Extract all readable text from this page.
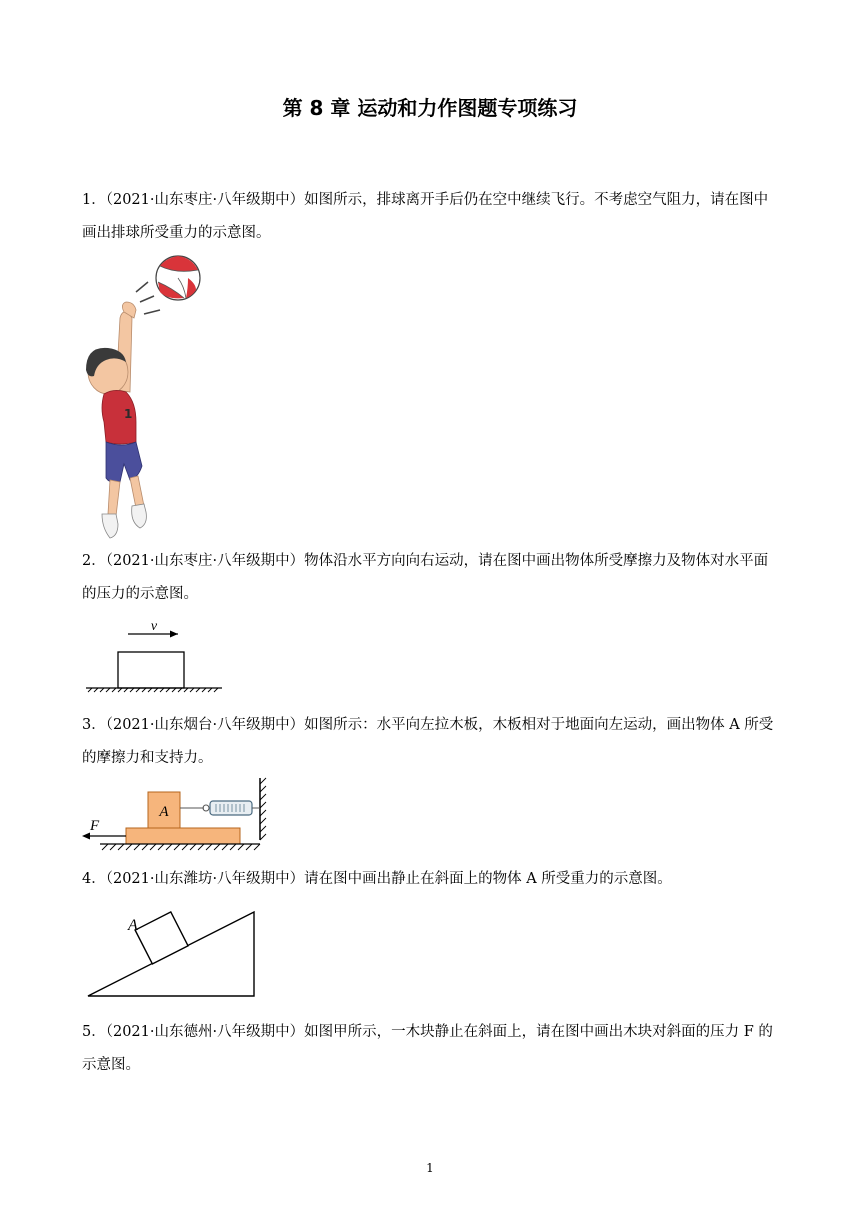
第 8 章 运动和力作图题专项练习

1．（2021·山东枣庄·八年级期中）如图所示，排球离开手后仍在空中继续飞行。不考虑空气阻力，请在图中画出排球所受重力的示意图。

1

2．（2021·山东枣庄·八年级期中）物体沿水平方向向右运动，请在图中画出物体所受摩擦力及物体对水平面的压力的示意图。

v

3．（2021·山东烟台·八年级期中）如图所示：水平向左拉木板，木板相对于地面向左运动，画出物体 A 所受的摩擦力和支持力。

A
F

4．（2021·山东潍坊·八年级期中）请在图中画出静止在斜面上的物体 A 所受重力的示意图。

A

5．（2021·山东德州·八年级期中）如图甲所示，一木块静止在斜面上，请在图中画出木块对斜面的压力 F 的示意图。

1
